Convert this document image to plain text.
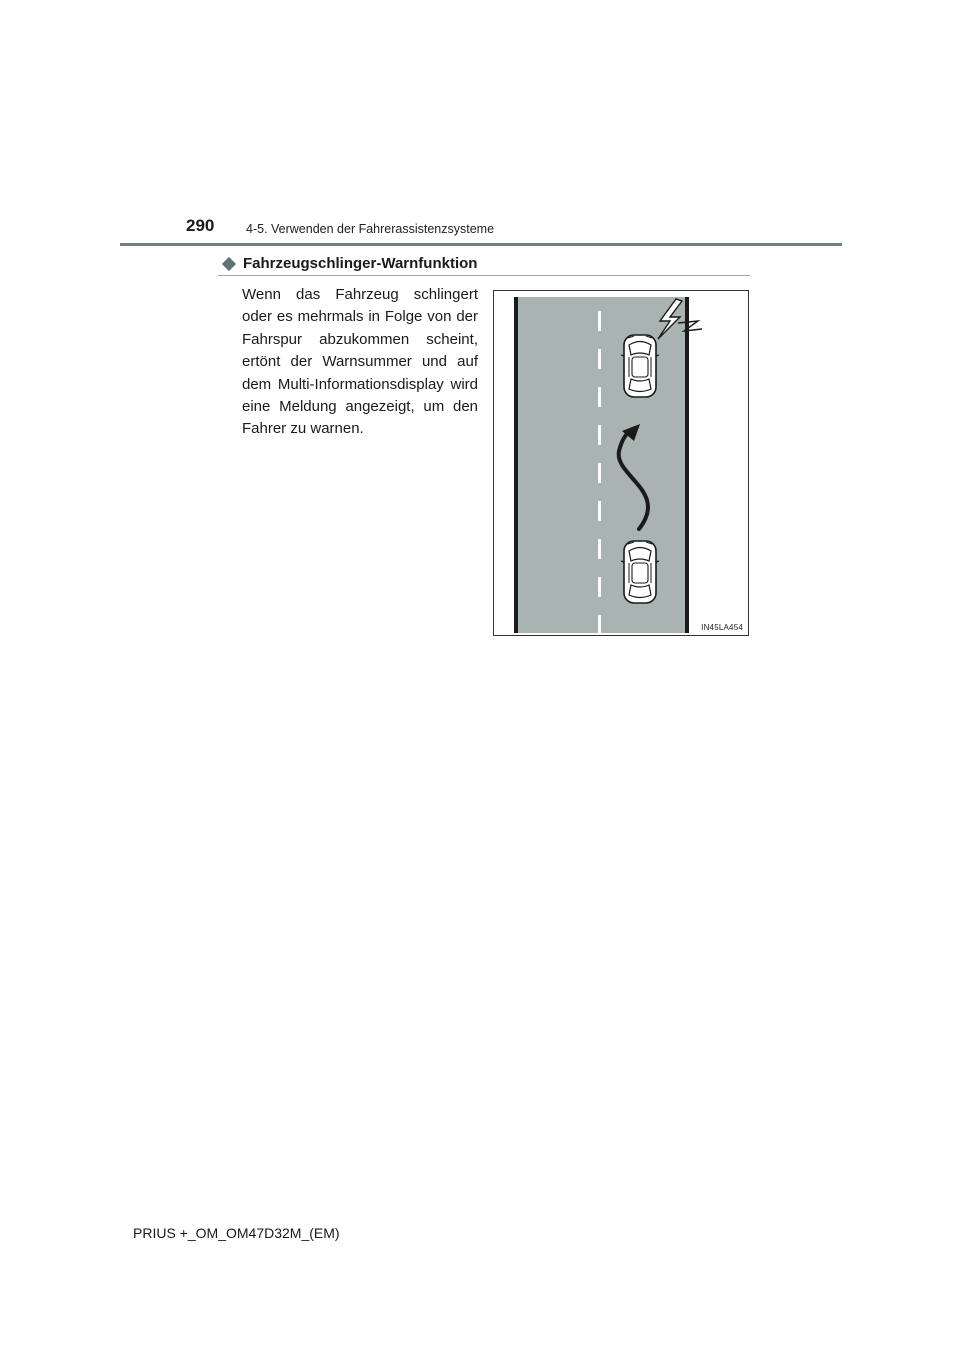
290	4-5. Verwenden der Fahrerassistenzsysteme
Fahrzeugschlinger-Warnfunktion
Wenn das Fahrzeug schlingert oder es mehrmals in Folge von der Fahrspur abzukommen scheint, ertönt der Warnsummer und auf dem Multi-Informationsdisplay wird eine Meldung angezeigt, um den Fahrer zu warnen.
IN45LA454
PRIUS +_OM_OM47D32M_(EM)
